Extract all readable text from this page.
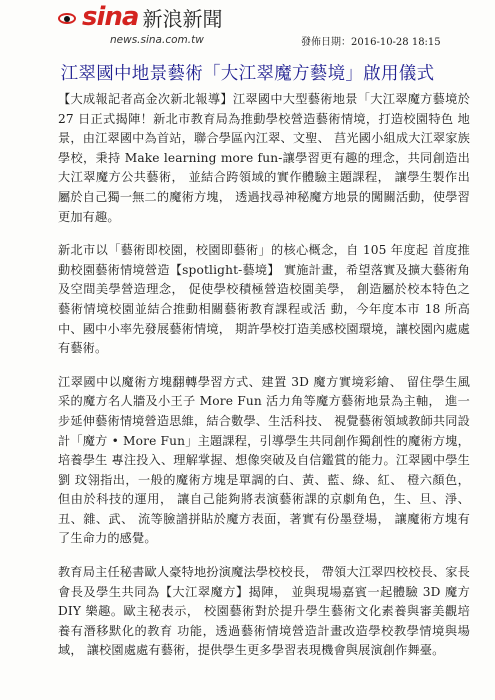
sina 新浪新聞
news.sina.com.tw	發佈日期：2016-10-28 18:15
江翠國中地景藝術「大江翠魔方藝境」啟用儀式

【大成報記者高金次新北報導】江翠國中大型藝術地景「大江翠魔方藝境於 27 日正式揭陣！新北市教育局為推動學校營造藝術情境，打造校園特色 地景，由江翠國中為首站，聯合學區內江翠、文聖、 莒光國小組成大江翠家族學校，秉持 Make learning more fun-讓學習更有趣的理念，共同創造出大江翠魔方公共藝術， 並結合跨領域的實作體驗主題課程， 讓學生製作出屬於自己獨一無二的魔術方塊， 透過找尋神秘魔方地景的闖關活動，使學習更加有趣。

新北市以「藝術即校園，校園即藝術」的核心概念，自 105 年度起 首度推動校園藝術情境營造【spotlight-藝境】 實施計畫，希望落實及擴大藝術角及空間美學營造理念， 促使學校積極營造校園美學， 創造屬於校本特色之藝術情境校園並結合推動相關藝術教育課程或活 動，今年度本市 18 所高中、國中小率先發展藝術情境， 期許學校打造美感校園環境，讓校園內處處有藝術。

江翠國中以魔術方塊翻轉學習方式、建置 3D 魔方實境彩繪、 留住學生風采的魔方名人牆及小王子 More Fun 活力角等魔方藝術地景為主軸， 進一步延伸藝術情境營造思維，結合數學、生活科技、 視覺藝術領域教師共同設計「魔方 • More Fun」主題課程，引導學生共同創作獨創性的魔術方塊，培養學生 專注投入、理解掌握、想像突破及自信鑑賞的能力。江翠國中學生劉 玟翎指出，一般的魔術方塊是單調的白、黃、藍、綠、紅、 橙六顏色，但由於科技的運用， 讓自己能夠將表演藝術課的京劇角色，生、旦、淨、丑、雜、武、 流等臉譜拼貼於魔方表面，著實有份墨登場， 讓魔術方塊有了生命力的感覺。

教育局主任秘書歐人豪特地扮演魔法學校校長， 帶領大江翠四校校長、家長會長及學生共同為【大江翠魔方】揭陣， 並與現場嘉賓一起體驗 3D 魔方 DIY 樂趣。歐主秘表示， 校園藝術對於提升學生藝術文化素養與審美觀培養有潛移默化的教育 功能，透過藝術情境營造計畫改造學校教學情境與場域， 讓校園處處有藝術，提供學生更多學習表現機會與展演創作舞臺。
